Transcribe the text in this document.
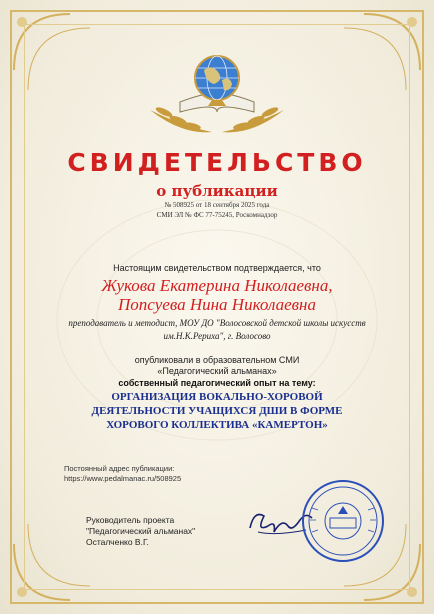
СВИДЕТЕЛЬСТВО
о публикации
№ 508925 от 18 сентября 2025 года
СМИ ЭЛ № ФС 77-75245, Роскомнадзор
Настоящим свидетельством подтверждается, что
Жукова Екатерина Николаевна,
Попсуева Нина Николаевна
преподаватель и методист, МОУ ДО "Волосовской детской школы искусств им.Н.К.Рериха", г. Волосово
опубликовали в образовательном СМИ
«Педагогический альманах»
собственный педагогический опыт на тему:
ОРГАНИЗАЦИЯ ВОКАЛЬНО-ХОРОВОЙ
ДЕЯТЕЛЬНОСТИ УЧАЩИХСЯ ДШИ В ФОРМЕ
ХОРОВОГО КОЛЛЕКТИВА «КАМЕРТОН»
Постоянный адрес публикации:
https://www.pedalmanac.ru/508925
Руководитель проекта
"Педагогический альманах"
Осталченко В.Г.
